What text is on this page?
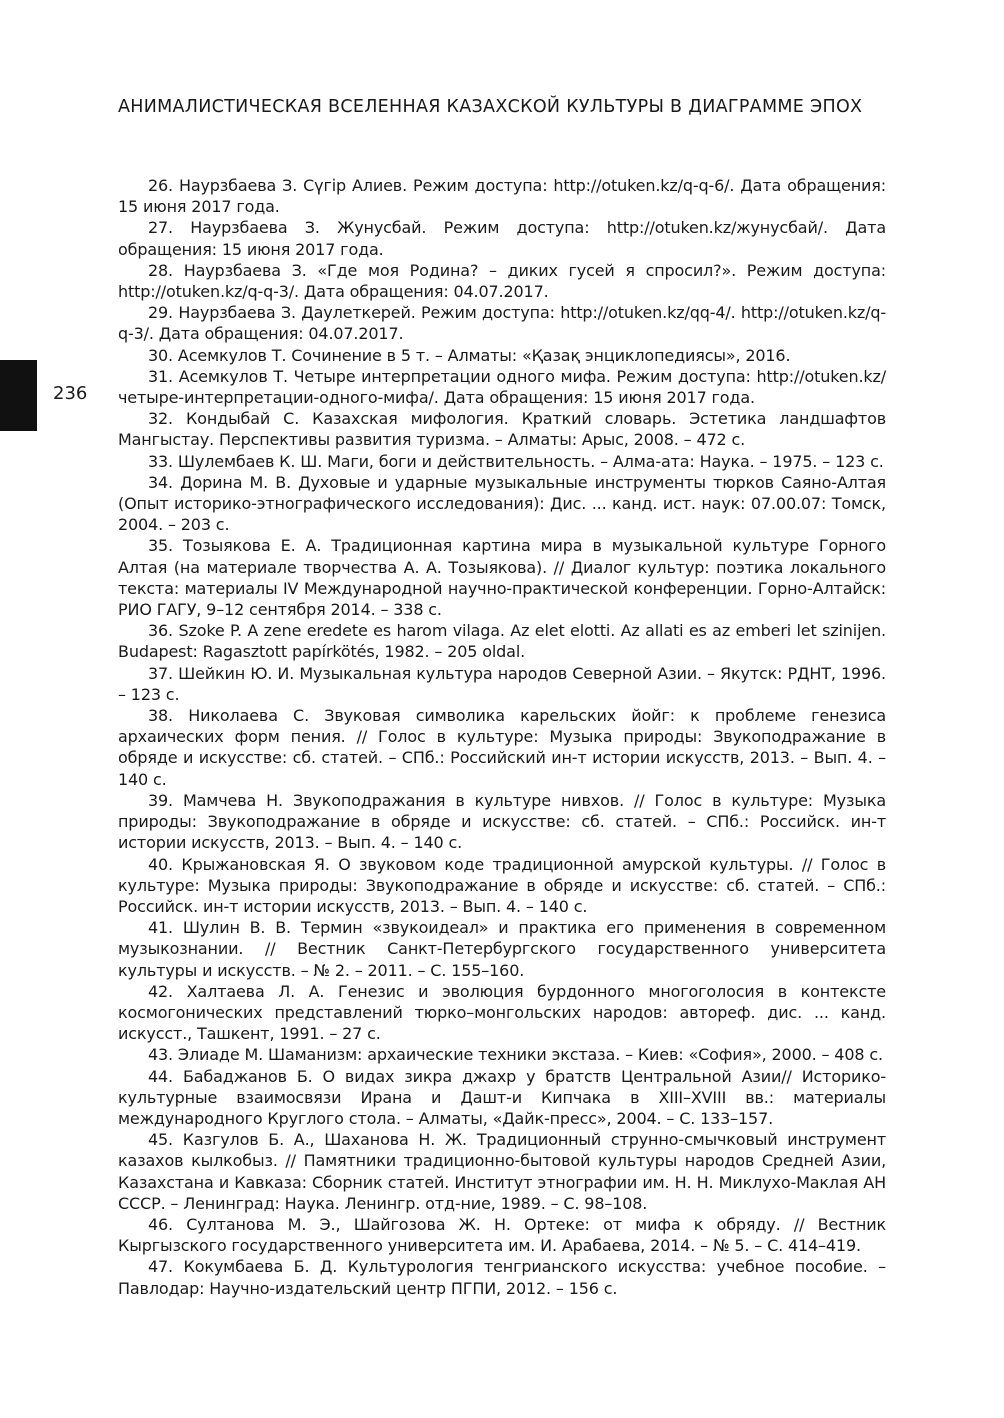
АНИМАЛИСТИЧЕСКАЯ ВСЕЛЕННАЯ КАЗАХСКОЙ КУЛЬТУРЫ В ДИАГРАММЕ ЭПОХ
236

26. Наурзбаева З. Сүгір Алиев. Режим доступа: http://otuken.kz/q-q-6/. Дата обращения: 15 июня 2017 года.

27. Наурзбаева З. Жунусбай. Режим доступа: http://otuken.kz/жунусбай/. Дата обращения: 15 июня 2017 года.

28. Наурзбаева З. «Где моя Родина? – диких гусей я спросил?». Режим доступа: http://otuken.kz/q-q-3/. Дата обращения: 04.07.2017.

29. Наурзбаева З. Даулеткерей. Режим доступа: http://otuken.kz/qq-4/. http://otuken.kz/q-q-3/. Дата обращения: 04.07.2017.

30. Асемкулов Т. Сочинение в 5 т. – Алматы: «Қазақ энциклопедиясы», 2016.

31. Асемкулов Т. Четыре интерпретации одного мифа. Режим доступа: http://otuken.kz/четыре-интерпретации-одного-мифа/. Дата обращения: 15 июня 2017 года.

32. Кондыбай С. Казахская мифология. Краткий словарь. Эстетика ландшафтов Мангыстау. Перспективы развития туризма. – Алматы: Арыс, 2008. – 472 с.

33. Шулембаев К. Ш. Маги, боги и действительность. – Алма-ата: Наука. – 1975. – 123 с.

34. Дорина М. В. Духовые и ударные музыкальные инструменты тюрков Саяно-Алтая (Опыт историко-этнографического исследования): Дис. ... канд. ист. наук: 07.00.07: Томск, 2004. – 203 с.

35. Тозыякова Е. А. Традиционная картина мира в музыкальной культуре Горного Алтая (на материале творчества А. А. Тозыякова). // Диалог культур: поэтика локального текста: материалы IV Международной научно-практической конференции. Горно-Алтайск: РИО ГАГУ, 9–12 сентября 2014. – 338 с.

36. Szoke P. A zene eredete es harom vilaga. Az elet elotti. Az allati es az emberi let szinijen. Budapest: Ragasztott papírkötés, 1982. – 205 oldal.

37. Шейкин Ю. И. Музыкальная культура народов Северной Азии. – Якутск: РДНТ, 1996. – 123 с.

38. Николаева С. Звуковая символика карельских йойг: к проблеме генезиса архаических форм пения. // Голос в культуре: Музыка природы: Звукоподражание в обряде и искусстве: сб. статей. – СПб.: Российский ин-т истории искусств, 2013. – Вып. 4. – 140 с.

39. Мамчева Н. Звукоподражания в культуре нивхов. // Голос в культуре: Музыка природы: Звукоподражание в обряде и искусстве: сб. статей. – СПб.: Российск. ин-т истории искусств, 2013. – Вып. 4. – 140 с.

40. Крыжановская Я. О звуковом коде традиционной амурской культуры. // Голос в культуре: Музыка природы: Звукоподражание в обряде и искусстве: сб. статей. – СПб.: Российск. ин-т истории искусств, 2013. – Вып. 4. – 140 с.

41. Шулин В. В. Термин «звукоидеал» и практика его применения в современном музыкознании. // Вестник Санкт-Петербургского государственного университета культуры и искусств. – № 2. – 2011. – С. 155–160.

42. Халтаева Л. А. Генезис и эволюция бурдонного многоголосия в контексте космогонических представлений тюрко–монгольских народов: автореф. дис. ... канд. искусст., Ташкент, 1991. – 27 с.

43. Элиаде М. Шаманизм: архаические техники экстаза. – Киев: «София», 2000. – 408 с.

44. Бабаджанов Б. О видах зикра джахр у братств Центральной Азии// Историко-культурные взаимосвязи Ирана и Дашт-и Кипчака в XIII–XVIII вв.: материалы международного Круглого стола. – Алматы, «Дайк-пресс», 2004. – С. 133–157.

45. Казгулов Б. А., Шаханова Н. Ж. Традиционный струнно-смычковый инструмент казахов кылкобыз. // Памятники традиционно-бытовой культуры народов Средней Азии, Казахстана и Кавказа: Сборник статей. Институт этнографии им. Н. Н. Миклухо-Маклая АН СССР. – Ленинград: Наука. Ленингр. отд-ние, 1989. – С. 98–108.

46. Султанова М. Э., Шайгозова Ж. Н. Ортеке: от мифа к обряду. // Вестник Кыргызского государственного университета им. И. Арабаева, 2014. – № 5. – С. 414–419.

47. Кокумбаева Б. Д. Культурология тенгрианского искусства: учебное пособие. – Павлодар: Научно-издательский центр ПГПИ, 2012. – 156 с.
